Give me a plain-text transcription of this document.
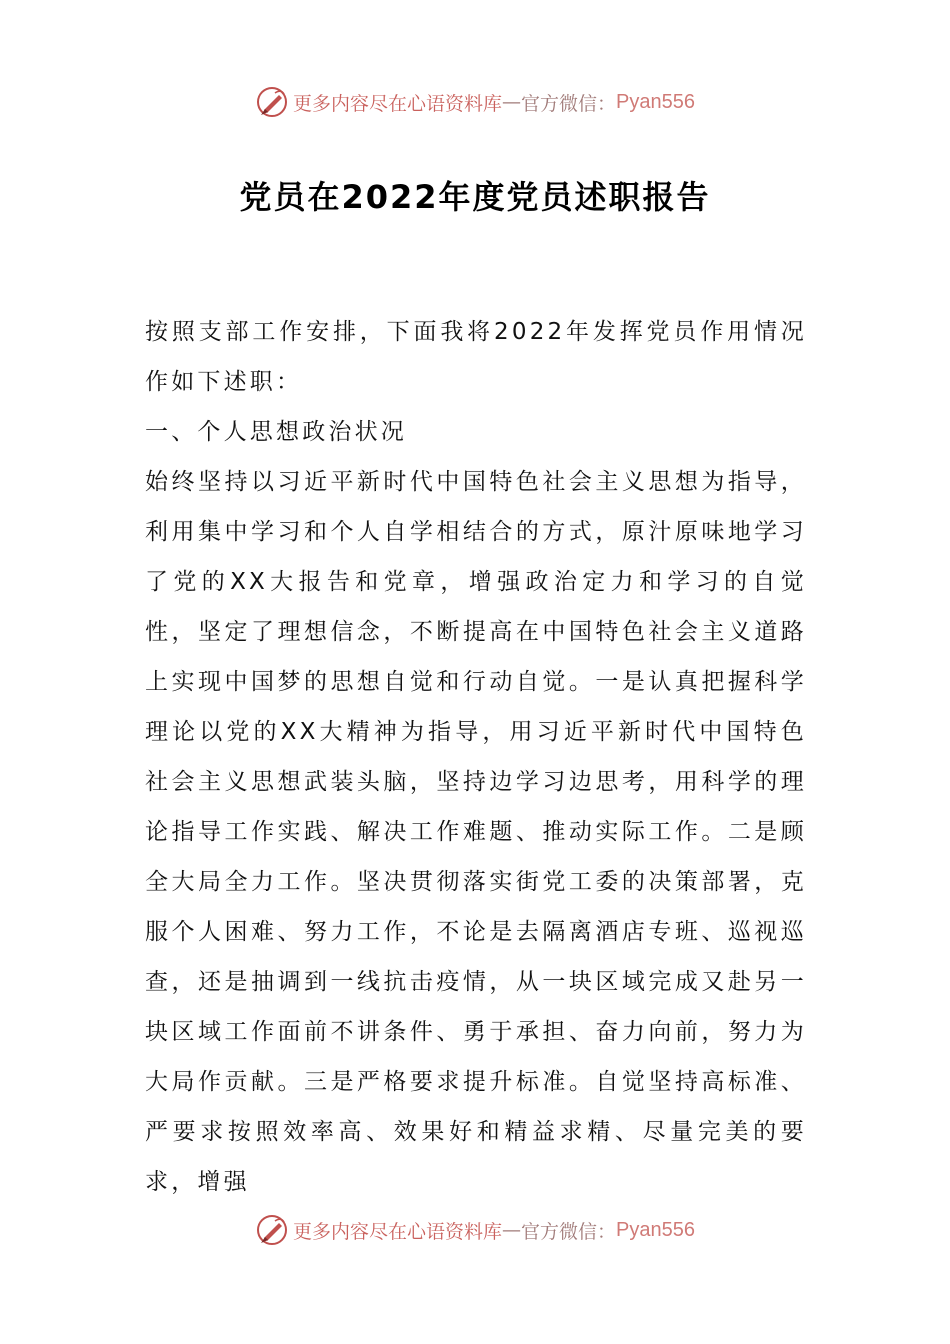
更多内容尽在心语资料库 — 官方微信： Pyan556
党员在2022年度党员述职报告

按照支部工作安排，下面我将2022年发挥党员作用情况作如下述职：

一、个人思想政治状况

始终坚持以习近平新时代中国特色社会主义思想为指导，利用集中学习和个人自学相结合的方式，原汁原味地学习了党的XX大报告和党章，增强政治定力和学习的自觉性，坚定了理想信念，不断提高在中国特色社会主义道路上实现中国梦的思想自觉和行动自觉。一是认真把握科学理论以党的XX大精神为指导，用习近平新时代中国特色社会主义思想武装头脑，坚持边学习边思考，用科学的理论指导工作实践、解决工作难题、推动实际工作。二是顾全大局全力工作。坚决贯彻落实街党工委的决策部署，克服个人困难、努力工作，不论是去隔离酒店专班、巡视巡查，还是抽调到一线抗击疫情，从一块区域完成又赴另一块区域工作面前不讲条件、勇于承担、奋力向前，努力为大局作贡献。三是严格要求提升标准。自觉坚持高标准、严要求按照效率高、效果好和精益求精、尽量完美的要求，增强

更多内容尽在心语资料库 — 官方微信： Pyan556
